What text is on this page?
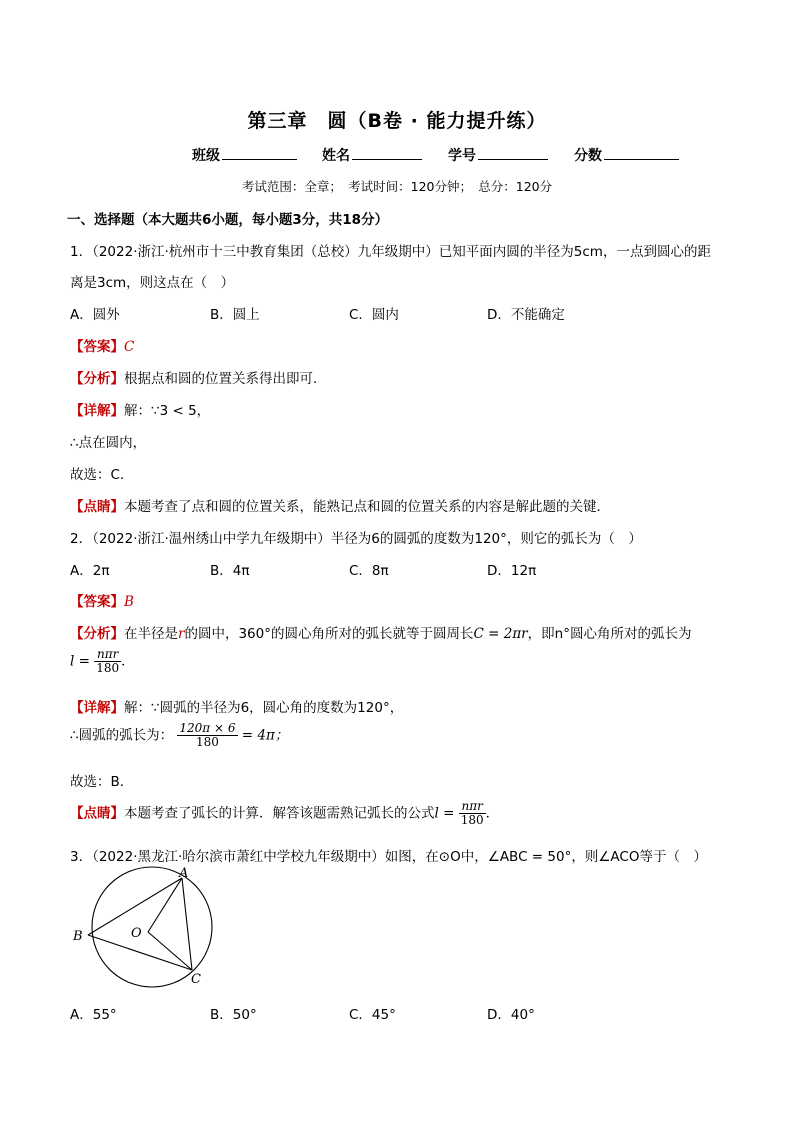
第三章　圆（B卷 · 能力提升练）
班级	姓名	学号	分数
考试范围：全章；　考试时间：120分钟；　总分：120分
一、选择题（本大题共6小题，每小题3分，共18分）
1．（2022·浙江·杭州市十三中教育集团（总校）九年级期中）已知平面内圆的半径为5cm，一点到圆心的距
离是3cm，则这点在（　）
A．圆外	B．圆上	C．圆内	D．不能确定
【答案】C
【分析】根据点和圆的位置关系得出即可．
【详解】解：∵3 < 5，
∴点在圆内，
故选：C．
【点睛】本题考查了点和圆的位置关系，能熟记点和圆的位置关系的内容是解此题的关键．
2．（2022·浙江·温州绣山中学九年级期中）半径为6的圆弧的度数为120°，则它的弧长为（　）
A．2π	B．4π	C．8π	D．12π
【答案】B
【分析】在半径是r的圆中，360°的圆心角所对的弧长就等于圆周长C = 2πr，即n°圆心角所对的弧长为
$l = \frac{\text{nπr}}{180}$ ．
【详解】解：∵圆弧的半径为6，圆心角的度数为120°，
∴圆弧的弧长为： $\frac{120\pi \times 6}{180} = 4\pi$；
故选：B．
【点睛】本题考查了弧长的计算．解答该题需熟记弧长的公式$l = \frac{\text{nπr}}{180}$ ．
3．（2022·黑龙江·哈尔滨市萧红中学校九年级期中）如图，在⊙O中，∠ABC = 50°，则∠ACO等于（　）
A
B
C
O
A．55°	B．50°	C．45°	D．40°
